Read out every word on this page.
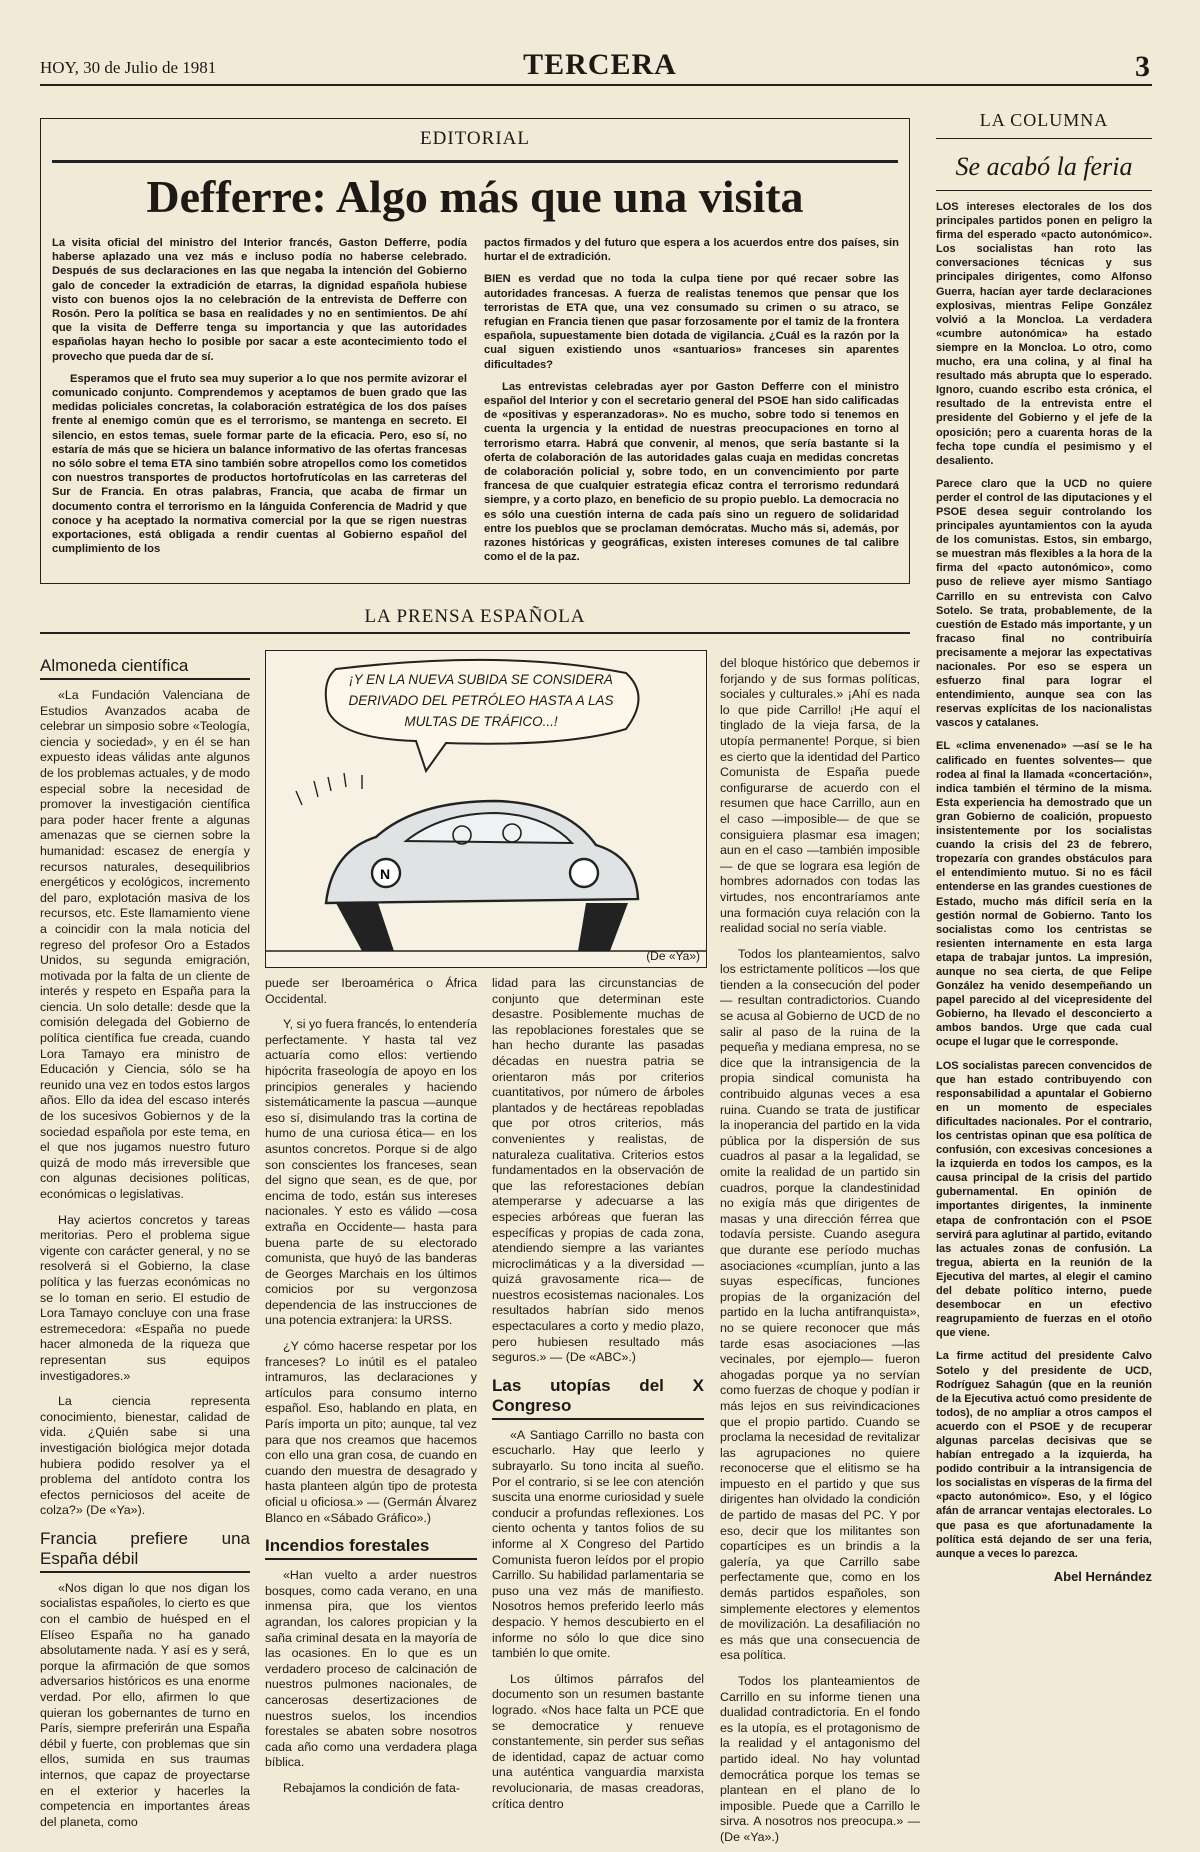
HOY, 30 de Julio de 1981	TERCERA	3
EDITORIAL
Defferre: Algo más que una visita

La visita oficial del ministro del Interior francés, Gaston Defferre, podía haberse aplazado una vez más e incluso podía no haberse celebrado. Después de sus declaraciones en las que negaba la intención del Gobierno galo de conceder la extradición de etarras, la dignidad española hubiese visto con buenos ojos la no celebración de la entrevista de Defferre con Rosón. Pero la política se basa en realidades y no en sentimientos. De ahí que la visita de Defferre tenga su importancia y que las autoridades españolas hayan hecho lo posible por sacar a este acontecimiento todo el provecho que pueda dar de sí.

Esperamos que el fruto sea muy superior a lo que nos permite avizorar el comunicado conjunto. Comprendemos y aceptamos de buen grado que las medidas policiales concretas, la colaboración estratégica de los dos países frente al enemigo común que es el terrorismo, se mantenga en secreto. El silencio, en estos temas, suele formar parte de la eficacia. Pero, eso sí, no estaría de más que se hiciera un balance informativo de las ofertas francesas no sólo sobre el tema ETA sino también sobre atropellos como los cometidos con nuestros transportes de productos hortofrutícolas en las carreteras del Sur de Francia. En otras palabras, Francia, que acaba de firmar un documento contra el terrorismo en la lánguida Conferencia de Madrid y que conoce y ha aceptado la normativa comercial por la que se rigen nuestras exportaciones, está obligada a rendir cuentas al Gobierno español del cumplimiento de los

pactos firmados y del futuro que espera a los acuerdos entre dos países, sin hurtar el de extradición.

BIEN es verdad que no toda la culpa tiene por qué recaer sobre las autoridades francesas. A fuerza de realistas tenemos que pensar que los terroristas de ETA que, una vez consumado su crimen o su atraco, se refugian en Francia tienen que pasar forzosamente por el tamiz de la frontera española, supuestamente bien dotada de vigilancia. ¿Cuál es la razón por la cual siguen existiendo unos «santuarios» franceses sin aparentes dificultades?

Las entrevistas celebradas ayer por Gaston Defferre con el ministro español del Interior y con el secretario general del PSOE han sido calificadas de «positivas y esperanzadoras». No es mucho, sobre todo si tenemos en cuenta la urgencia y la entidad de nuestras preocupaciones en torno al terrorismo etarra. Habrá que convenir, al menos, que sería bastante si la oferta de colaboración de las autoridades galas cuaja en medidas concretas de colaboración policial y, sobre todo, en un convencimiento por parte francesa de que cualquier estrategia eficaz contra el terrorismo redundará siempre, y a corto plazo, en beneficio de su propio pueblo. La democracia no es sólo una cuestión interna de cada país sino un reguero de solidaridad entre los pueblos que se proclaman demócratas. Mucho más si, además, por razones históricas y geográficas, existen intereses comunes de tal calibre como el de la paz.

LA COLUMNA
Se acabó la feria

LOS intereses electorales de los dos principales partidos ponen en peligro la firma del esperado «pacto autonómico». Los socialistas han roto las conversaciones técnicas y sus principales dirigentes, como Alfonso Guerra, hacían ayer tarde declaraciones explosivas, mientras Felipe González volvió a la Moncloa. La verdadera «cumbre autonómica» ha estado siempre en la Moncloa. Lo otro, como mucho, era una colina, y al final ha resultado más abrupta que lo esperado. Ignoro, cuando escribo esta crónica, el resultado de la entrevista entre el presidente del Gobierno y el jefe de la oposición; pero a cuarenta horas de la fecha tope cundía el pesimismo y el desaliento.

Parece claro que la UCD no quiere perder el control de las diputaciones y el PSOE desea seguir controlando los principales ayuntamientos con la ayuda de los comunistas. Estos, sin embargo, se muestran más flexibles a la hora de la firma del «pacto autonómico», como puso de relieve ayer mismo Santiago Carrillo en su entrevista con Calvo Sotelo. Se trata, probablemente, de la cuestión de Estado más importante, y un fracaso final no contribuiría precisamente a mejorar las expectativas nacionales. Por eso se espera un esfuerzo final para lograr el entendimiento, aunque sea con las reservas explícitas de los nacionalistas vascos y catalanes.

EL «clima envenenado» —así se le ha calificado en fuentes solventes— que rodea al final la llamada «concertación», indica también el término de la misma. Esta experiencia ha demostrado que un gran Gobierno de coalición, propuesto insistentemente por los socialistas cuando la crisis del 23 de febrero, tropezaría con grandes obstáculos para el entendimiento mutuo. Si no es fácil entenderse en las grandes cuestiones de Estado, mucho más difícil sería en la gestión normal de Gobierno. Tanto los socialistas como los centristas se resienten internamente en esta larga etapa de trabajar juntos. La impresión, aunque no sea cierta, de que Felipe González ha venido desempeñando un papel parecido al del vicepresidente del Gobierno, ha llevado el desconcierto a ambos bandos. Urge que cada cual ocupe el lugar que le corresponde.

LOS socialistas parecen convencidos de que han estado contribuyendo con responsabilidad a apuntalar el Gobierno en un momento de especiales dificultades nacionales. Por el contrario, los centristas opinan que esa política de confusión, con excesivas concesiones a la izquierda en todos los campos, es la causa principal de la crisis del partido gubernamental. En opinión de importantes dirigentes, la inminente etapa de confrontación con el PSOE servirá para aglutinar al partido, evitando las actuales zonas de confusión. La tregua, abierta en la reunión de la Ejecutiva del martes, al elegir el camino del debate político interno, puede desembocar en un efectivo reagrupamiento de fuerzas en el otoño que viene.

La firme actitud del presidente Calvo Sotelo y del presidente de UCD, Rodríguez Sahagún (que en la reunión de la Ejecutiva actuó como presidente de todos), de no ampliar a otros campos el acuerdo con el PSOE y de recuperar algunas parcelas decisivas que se habían entregado a la izquierda, ha podido contribuir a la intransigencia de los socialistas en vísperas de la firma del «pacto autonómico». Eso, y el lógico afán de arrancar ventajas electorales. Lo que pasa es que afortunadamente la política está dejando de ser una feria, aunque a veces lo parezca.

Abel Hernández
LA PRENSA ESPAÑOLA
Almoneda científica

«La Fundación Valenciana de Estudios Avanzados acaba de celebrar un simposio sobre «Teología, ciencia y sociedad», y en él se han expuesto ideas válidas ante algunos de los problemas actuales, y de modo especial sobre la necesidad de promover la investigación científica para poder hacer frente a algunas amenazas que se ciernen sobre la humanidad: escasez de energía y recursos naturales, desequilibrios energéticos y ecológicos, incremento del paro, explotación masiva de los recursos, etc. Este llamamiento viene a coincidir con la mala noticia del regreso del profesor Oro a Estados Unidos, su segunda emigración, motivada por la falta de un cliente de interés y respeto en España para la ciencia. Un solo detalle: desde que la comisión delegada del Gobierno de política científica fue creada, cuando Lora Tamayo era ministro de Educación y Ciencia, sólo se ha reunido una vez en todos estos largos años. Ello da idea del escaso interés de los sucesivos Gobiernos y de la sociedad española por este tema, en el que nos jugamos nuestro futuro quizá de modo más irreversible que con algunas decisiones políticas, económicas o legislativas.

Hay aciertos concretos y tareas meritorias. Pero el problema sigue vigente con carácter general, y no se resolverá si el Gobierno, la clase política y las fuerzas económicas no se lo toman en serio. El estudio de Lora Tamayo concluye con una frase estremecedora: «España no puede hacer almoneda de la riqueza que representan sus equipos investigadores.»

La ciencia representa conocimiento, bienestar, calidad de vida. ¿Quién sabe si una investigación biológica mejor dotada hubiera podido resolver ya el problema del antídoto contra los efectos perniciosos del aceite de colza?» (De «Ya»).

Francia prefiere una España débil

«Nos digan lo que nos digan los socialistas españoles, lo cierto es que con el cambio de huésped en el Elíseo España no ha ganado absolutamente nada. Y así es y será, porque la afirmación de que somos adversarios históricos es una enorme verdad. Por ello, afirmen lo que quieran los gobernantes de turno en París, siempre preferirán una España débil y fuerte, con problemas que sin ellos, sumida en sus traumas internos, que capaz de proyectarse en el exterior y hacerles la competencia en importantes áreas del planeta, como

N
¡Y EN LA NUEVA SUBIDA SE CONSIDERA DERIVADO DEL PETRÓLEO HASTA A LAS MULTAS DE TRÁFICO...!
(De «Ya»)

puede ser Iberoamérica o África Occidental.

Y, si yo fuera francés, lo entendería perfectamente. Y hasta tal vez actuaría como ellos: vertiendo hipócrita fraseología de apoyo en los principios generales y haciendo sistemáticamente la pascua —aunque eso sí, disimulando tras la cortina de humo de una curiosa ética— en los asuntos concretos. Porque si de algo son conscientes los franceses, sean del signo que sean, es de que, por encima de todo, están sus intereses nacionales. Y esto es válido —cosa extraña en Occidente— hasta para buena parte de su electorado comunista, que huyó de las banderas de Georges Marchais en los últimos comicios por su vergonzosa dependencia de las instrucciones de una potencia extranjera: la URSS.

¿Y cómo hacerse respetar por los franceses? Lo inútil es el pataleo intramuros, las declaraciones y artículos para consumo interno español. Eso, hablando en plata, en París importa un pito; aunque, tal vez para que nos creamos que hacemos con ello una gran cosa, de cuando en cuando den muestra de desagrado y hasta planteen algún tipo de protesta oficial u oficiosa.» — (Germán Álvarez Blanco en «Sábado Gráfico».)

Incendios forestales

«Han vuelto a arder nuestros bosques, como cada verano, en una inmensa pira, que los vientos agrandan, los calores propician y la saña criminal desata en la mayoría de las ocasiones. En lo que es un verdadero proceso de calcinación de nuestros pulmones nacionales, de cancerosas desertizaciones de nuestros suelos, los incendios forestales se abaten sobre nosotros cada año como una verdadera plaga bíblica.

Rebajamos la condición de fata-

lidad para las circunstancias de conjunto que determinan este desastre. Posiblemente muchas de las repoblaciones forestales que se han hecho durante las pasadas décadas en nuestra patria se orientaron más por criterios cuantitativos, por número de árboles plantados y de hectáreas repobladas que por otros criterios, más convenientes y realistas, de naturaleza cualitativa. Criterios estos fundamentados en la observación de que las reforestaciones debían atemperarse y adecuarse a las especies arbóreas que fueran las específicas y propias de cada zona, atendiendo siempre a las variantes microclimáticas y a la diversidad —quizá gravosamente rica— de nuestros ecosistemas nacionales. Los resultados habrían sido menos espectaculares a corto y medio plazo, pero hubiesen resultado más seguros.» — (De «ABC».)

Las utopías del X Congreso

«A Santiago Carrillo no basta con escucharlo. Hay que leerlo y subrayarlo. Su tono incita al sueño. Por el contrario, si se lee con atención suscita una enorme curiosidad y suele conducir a profundas reflexiones. Los ciento ochenta y tantos folios de su informe al X Congreso del Partido Comunista fueron leídos por el propio Carrillo. Su habilidad parlamentaria se puso una vez más de manifiesto. Nosotros hemos preferido leerlo más despacio. Y hemos descubierto en el informe no sólo lo que dice sino también lo que omite.

Los últimos párrafos del documento son un resumen bastante logrado. «Nos hace falta un PCE que se democratice y renueve constantemente, sin perder sus señas de identidad, capaz de actuar como una auténtica vanguardia marxista revolucionaria, de masas creadoras, crítica dentro

del bloque histórico que debemos ir forjando y de sus formas políticas, sociales y culturales.» ¡Ahí es nada lo que pide Carrillo! ¡He aquí el tinglado de la vieja farsa, de la utopía permanente! Porque, si bien es cierto que la identidad del Partico Comunista de España puede configurarse de acuerdo con el resumen que hace Carrillo, aun en el caso —imposible— de que se consiguiera plasmar esa imagen; aun en el caso —también imposible— de que se lograra esa legión de hombres adornados con todas las virtudes, nos encontraríamos ante una formación cuya relación con la realidad social no sería viable.

Todos los planteamientos, salvo los estrictamente políticos —los que tienden a la consecución del poder— resultan contradictorios. Cuando se acusa al Gobierno de UCD de no salir al paso de la ruina de la pequeña y mediana empresa, no se dice que la intransigencia de la propia sindical comunista ha contribuido algunas veces a esa ruina. Cuando se trata de justificar la inoperancia del partido en la vida pública por la dispersión de sus cuadros al pasar a la legalidad, se omite la realidad de un partido sin cuadros, porque la clandestinidad no exigía más que dirigentes de masas y una dirección férrea que todavía persiste. Cuando asegura que durante ese período muchas asociaciones «cumplían, junto a las suyas específicas, funciones propias de la organización del partido en la lucha antifranquista», no se quiere reconocer que más tarde esas asociaciones —las vecinales, por ejemplo— fueron ahogadas porque ya no servían como fuerzas de choque y podían ir más lejos en sus reivindicaciones que el propio partido. Cuando se proclama la necesidad de revitalizar las agrupaciones no quiere reconocerse que el elitismo se ha impuesto en el partido y que sus dirigentes han olvidado la condición de partido de masas del PC. Y por eso, decir que los militantes son copartícipes es un brindis a la galería, ya que Carrillo sabe perfectamente que, como en los demás partidos españoles, son simplemente electores y elementos de movilización. La desafiliación no es más que una consecuencia de esa política.

Todos los planteamientos de Carrillo en su informe tienen una dualidad contradictoria. En el fondo es la utopía, es el protagonismo de la realidad y el antagonismo del partido ideal. No hay voluntad democrática porque los temas se plantean en el plano de lo imposible. Puede que a Carrillo le sirva. A nosotros nos preocupa.» — (De «Ya».)
